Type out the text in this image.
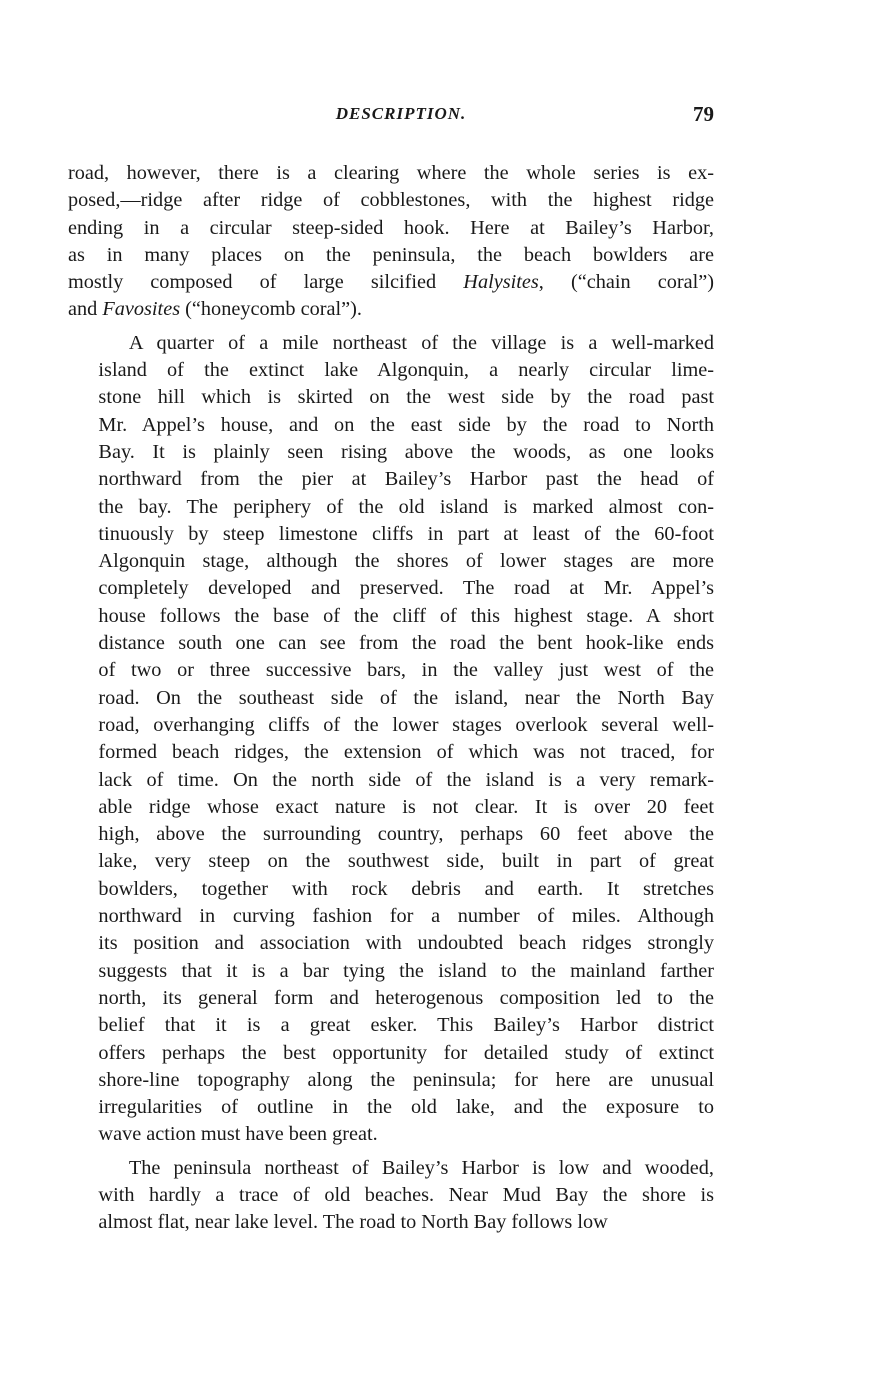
DESCRIPTION.	79

road, however, there is a clearing where the whole series is ex-
posed,—ridge after ridge of cobblestones, with the highest ridge
ending in a circular steep-sided hook. Here at Bailey’s Harbor,
as in many places on the peninsula, the beach bowlders are
mostly composed of large silcified Halysites, (“chain coral”)
and Favosites (“honeycomb coral”).

A quarter of a mile northeast of the village is a well-marked
island of the extinct lake Algonquin, a nearly circular lime-
stone hill which is skirted on the west side by the road past
Mr. Appel’s house, and on the east side by the road to North
Bay. It is plainly seen rising above the woods, as one looks
northward from the pier at Bailey’s Harbor past the head of
the bay. The periphery of the old island is marked almost con-
tinuously by steep limestone cliffs in part at least of the 60-foot
Algonquin stage, although the shores of lower stages are more
completely developed and preserved. The road at Mr. Appel’s
house follows the base of the cliff of this highest stage. A short
distance south one can see from the road the bent hook-like ends
of two or three successive bars, in the valley just west of the
road. On the southeast side of the island, near the North Bay
road, overhanging cliffs of the lower stages overlook several well-
formed beach ridges, the extension of which was not traced, for
lack of time. On the north side of the island is a very remark-
able ridge whose exact nature is not clear. It is over 20 feet
high, above the surrounding country, perhaps 60 feet above the
lake, very steep on the southwest side, built in part of great
bowlders, together with rock debris and earth. It stretches
northward in curving fashion for a number of miles. Although
its position and association with undoubted beach ridges strongly
suggests that it is a bar tying the island to the mainland farther
north, its general form and heterogenous composition led to the
belief that it is a great esker. This Bailey’s Harbor district
offers perhaps the best opportunity for detailed study of extinct
shore-line topography along the peninsula; for here are unusual
irregularities of outline in the old lake, and the exposure to
wave action must have been great.

The peninsula northeast of Bailey’s Harbor is low and wooded,
with hardly a trace of old beaches. Near Mud Bay the shore is
almost flat, near lake level. The road to North Bay follows low
